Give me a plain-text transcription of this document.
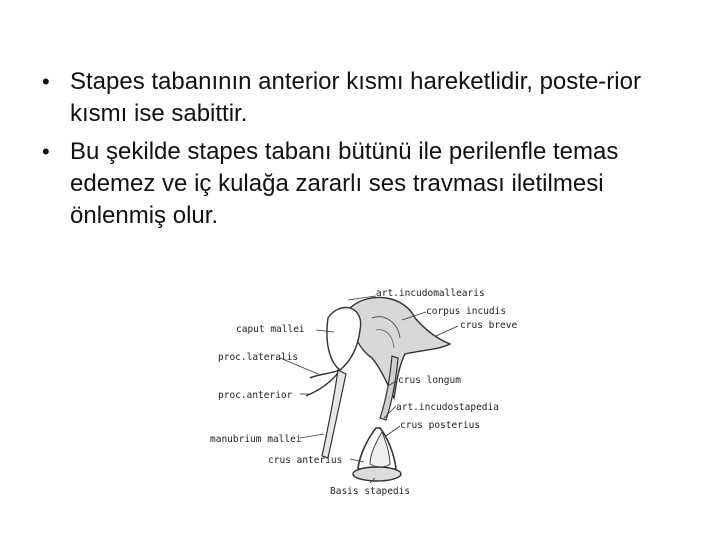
• Stapes tabanının anterior kısmı hareketlidir, poste-rior kısmı ise sabittir.
• Bu şekilde stapes tabanı bütünü ile perilenfle temas edemez ve iç kulağa zararlı ses travması iletilmesi önlenmiş olur.
art.incudomallearis
corpus incudis
crus breve
caput mallei
proc.lateralis
crus longum
proc.anterior
art.incudostapedia
crus posterius
manubrium mallei
crus anterius
Basis stapedis
